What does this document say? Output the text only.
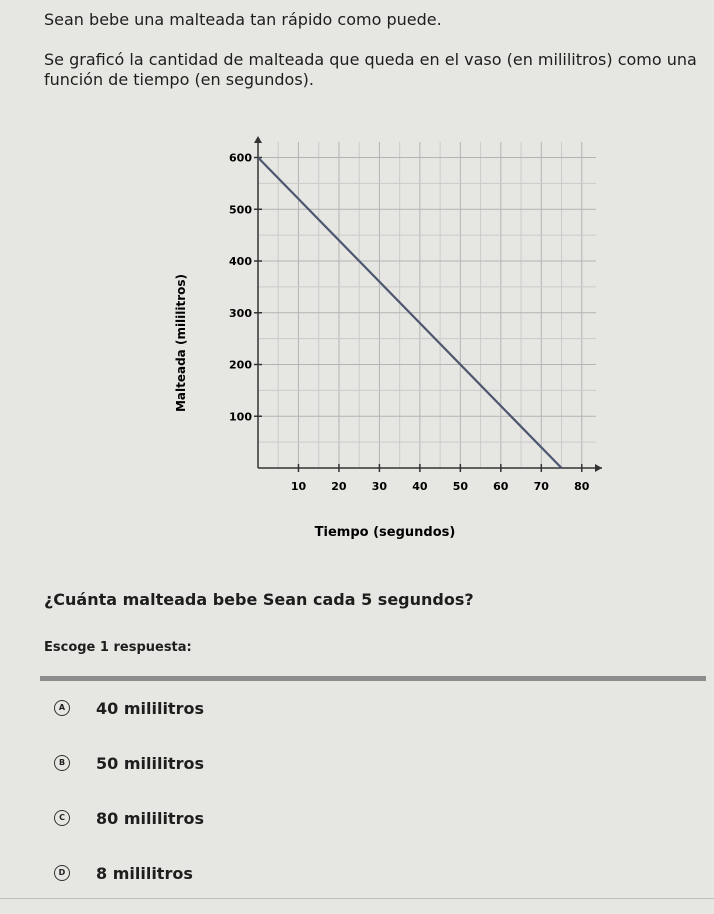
Sean bebe una malteada tan rápido como puede.

Se graficó la cantidad de malteada que queda en el vaso (en mililitros) como una función de tiempo (en segundos).

10 20 30 40 50 60 70 80
100
200
300
400
500
600
Tiempo (segundos)
Malteada (mililitros)
¿Cuánta malteada bebe Sean cada 5 segundos?
Escoge 1 respuesta:
A	40 mililitros
B	50 mililitros
C	80 mililitros
D 8 mililitros
